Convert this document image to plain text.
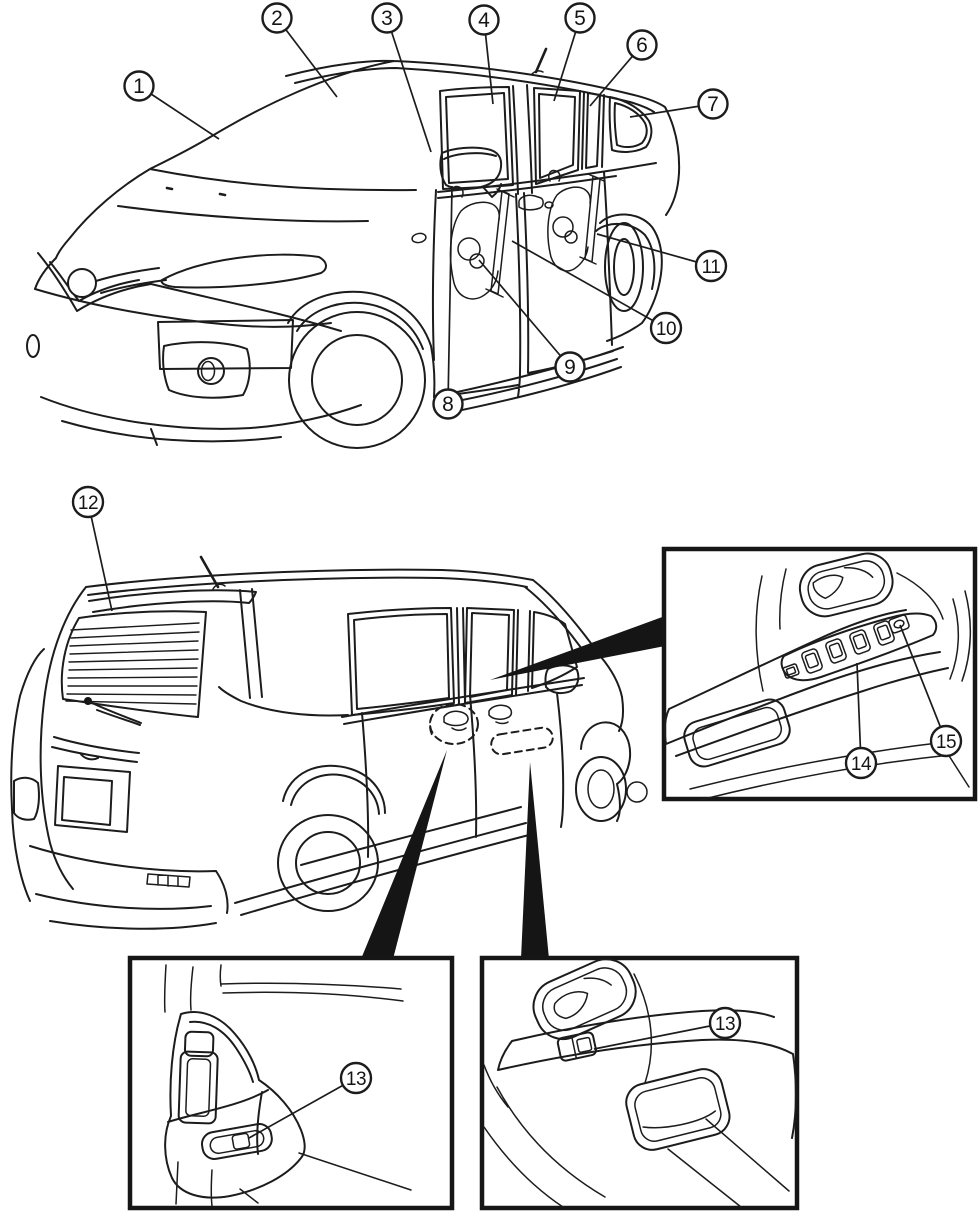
1
2	3	4	5
6
7
8
9
10
11
12
13
13
14
15
